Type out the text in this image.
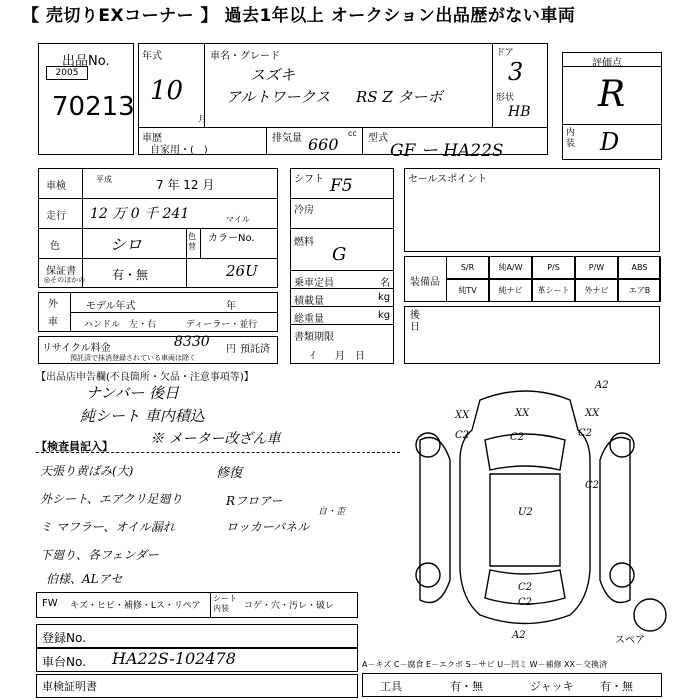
【 売切りEXコーナー 】 過去1年以上 オークション出品歴がない車両
出品No.
2005
70213
年式
10
月
車名・グレード
スズキ
アルトワークス RS Z ターボ
ドア
3
形状
HB
車歴
自家用・(　)
排気量 660
cc 型式
GF ー HA22S
評価点
R
内装 D
車検
平成	7 年 12 月
走行 12 万 0 千 241	マイル
色	シロ	色替
カラーNo.
26U
保証書
◎そのほかの 有・無
外車
モデル年式	年
ハンドル　左・右	ディーラー・並行
リサイクル料金	8330 円 預託済
預託済で抹消登録されている車両は除く
シフト F5
冷房
燃料
G
乗車定員	名
積載量	kg
総重量	kg
書類期限
ｲ　　月　日
セールスポイント
装備品
S/R	純A/W	P/S	P/W	ABS
純TV	純ナビ	革シート	外ナビ	エアB
後日
【出品店申告欄(不良箇所・欠品・注意事項等)】
ナンバー 後日
純シート 車内積込
※ メーター改ざん車
【検査員記入】
天張り黄ばみ(大)
外シート、エアクリ足廻り
ミ マフラー、オイル漏れ
下廻り、各フェンダー
伯様、ALアセ
修復
Rフロアー
自・歪
ロッカーパネル
A2
XX	XX	XX
C2	C2	C2
C2
U2
C2
C2
A2	スペア
FW キズ・ヒビ・補修・Lス・リペア
シート内装	コゲ・穴・汚レ・破レ
登録No.
車台No. HA22S-102478
車検証明書
A－キズ C－腐食 E－エクボ S－サビ U－凹ミ W－補修 XX－交換済
工具	有・無	ジャッキ 有・無
